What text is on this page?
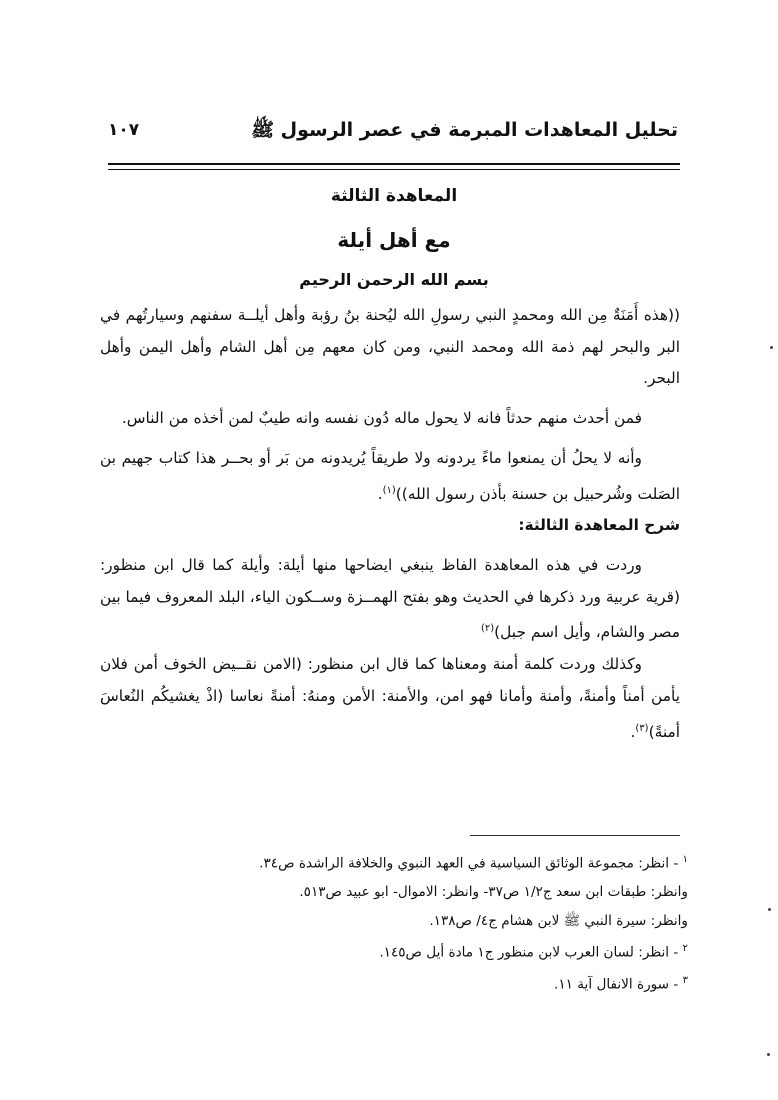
تحليل المعاهدات المبرمة في عصر الرسول ﷺ
١٠٧
المعاهدة الثالثة
مع أهل أيلة
بسم الله الرحمن الرحيم

((هذه أَمَنَةٌ مِن الله ومحمدٍ النبي رسولِ الله ليُحنة بنُ رؤبة وأهل أيلــة سفنهم وسيارتُهم في البر والبحر لهم ذمة الله ومحمد النبي، ومن كان معهم مِن أهل الشام وأهل اليمن وأهل البحر.

فمن أحدث منهم حدثاً فانه لا يحول ماله دُون نفسه وانه طيبٌ لمن أخذه من الناس.

وأنه لا يحلُ أن يمنعوا ماءً يردونه ولا طريقاً يُريدونه من بَر أو بحــر هذا كتاب جهيم بن الصَلت وشُرحبيل بن حسنة بأذن رسول الله))$^{(١)}$.

شرح المعاهدة الثالثة:

وردت في هذه المعاهدة الفاظ ينبغي ايضاحها منها أيلة: وأيلة كما قال ابن منظور: (قرية عربية ورد ذكرها في الحديث وهو بفتح الهمــزة وســكون الياء، البلد المعروف فيما بين مصر والشام، وأيل اسم جبل)$^{(٢)}$

وكذلك وردت كلمة أمنة ومعناها كما قال ابن منظور: (الامن نقــيض الخوف أمن فلان يأمن أمناً وأمنةً، وأمنة وأمانا فهو امن، والأمنة: الأمن ومنهُ: أمنةً نعاسا (اذْ يغشيكُم النُعاسَ أمنةً)$^{(٣)}$.

$^١$ - انظر: مجموعة الوثائق السياسية في العهد النبوي والخلافة الراشدة ص٣٤.
وانظر: طبقات ابن سعد ج١/٢ ص٣٧- وانظر: الاموال- ابو عبيد ص٥١٣.
وانظر: سيرة النبي ﷺ لابن هشام ج٤/ ص١٣٨.
$^٢$ - انظر: لسان العرب لابن منظور ج١ مادة أيل ص١٤٥.
$^٣$ - سورة الانفال آية ١١.
